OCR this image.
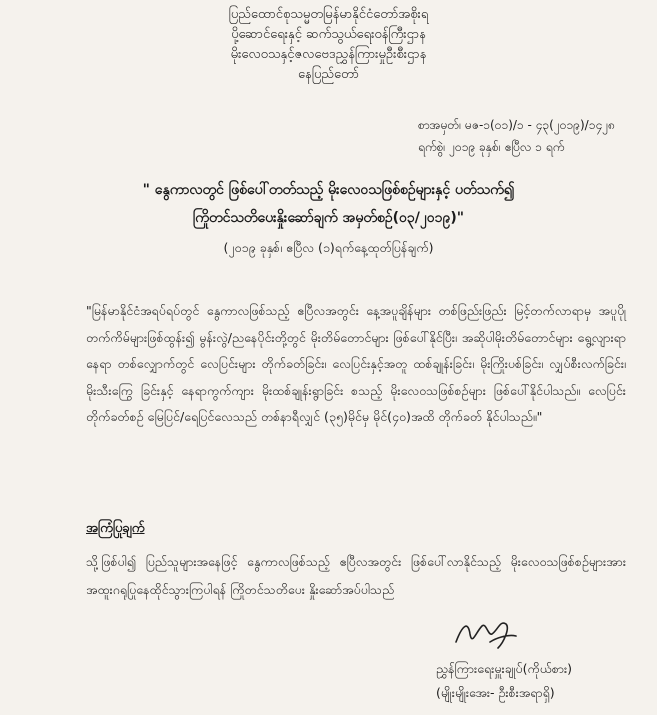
ပြည်ထောင်စုသမ္မတမြန်မာနိုင်ငံတော်အစိုးရ
ပို့ဆောင်ရေးနှင့် ဆက်သွယ်ရေးဝန်ကြီးဌာန
မိုးလေဝသနှင့်ဇလဗေဒညွှန်ကြားမှုဦးစီးဌာန
နေပြည်တော်
စာအမှတ်၊ မဇ-၁(၀၁)/၁ - ၄၃(၂၀၁၉)/၁၄၂၈
ရက်စွဲ၊ ၂၀၁၉ ခုနှစ်၊ ဧပြီလ ၁ ရက်
" နွေကာလတွင် ဖြစ်ပေါ်တတ်သည့် မိုးလေဝသဖြစ်စဉ်များနှင့် ပတ်သက်၍
ကြိုတင်သတိပေးနှိုးဆော်ချက် အမှတ်စဉ်(၀၃/၂၀၁၉)"
(၂၀၁၉ ခုနှစ်၊ ဧပြီလ (၁)ရက်နေ့ထုတ်ပြန်ချက်)
"မြန်မာနိုင်ငံအရပ်ရပ်တွင် နွေကာလဖြစ်သည့် ဧပြီလအတွင်း နေ့အပူချိန်များ တစ်ဖြည်းဖြည်း မြင့်တက်လာရာမှ အပူပိုုတက်ကိမ်များဖြစ်ထွန်း၍ မွန်းလွဲ/ညနေပိုင်းတို့တွင် မိုးတိမ်တောင်များ ဖြစ်ပေါ်နိုင်ပြီး၊ အဆိုပါမိုးတိမ်တောင်များ ရွေ့လျားရာနေရာ တစ်လျှောက်တွင် လေပြင်းများ တိုက်ခတ်ခြင်း၊ လေပြင်းနှင့်အတူ ထစ်ချုန်းခြင်း၊ မိုးကြိုးပစ်ခြင်း၊ လျှပ်စီးလက်ခြင်း၊ မိုးသီးကြွေ ခြင်းနှင့် နေရာကွက်ကျား မိုးထစ်ချုန်းရွာခြင်း စသည့် မိုးလေဝသဖြစ်စဉ်များ ဖြစ်ပေါ်နိုင်ပါသည်။ လေပြင်းတိုက်ခတ်စဉ် မြေပြင်/ရေပြင်လေသည် တစ်နာရီလျှင် (၃၅)မိုင်မှ မိုင်(၄၀)အထိ တိုက်ခတ် နိုင်ပါသည်။"
အကြံပြုချက်
သို့ဖြစ်ပါ၍ ပြည်သူများအနေဖြင့် နွေကာလဖြစ်သည့် ဧပြီလအတွင်း ဖြစ်ပေါ်လာနိုင်သည့် မိုးလေဝသဖြစ်စဉ်များအား အထူးဂရုပြုနေထိုင်သွားကြပါရန် ကြိုတင်သတိပေး နှိုးဆော်အပ်ပါသည်
ညွှန်ကြားရေးမှူးချုပ်(ကိုယ်စား)
(မျိုးမျိုးအေး- ဦးစီးအရာရှိ)
